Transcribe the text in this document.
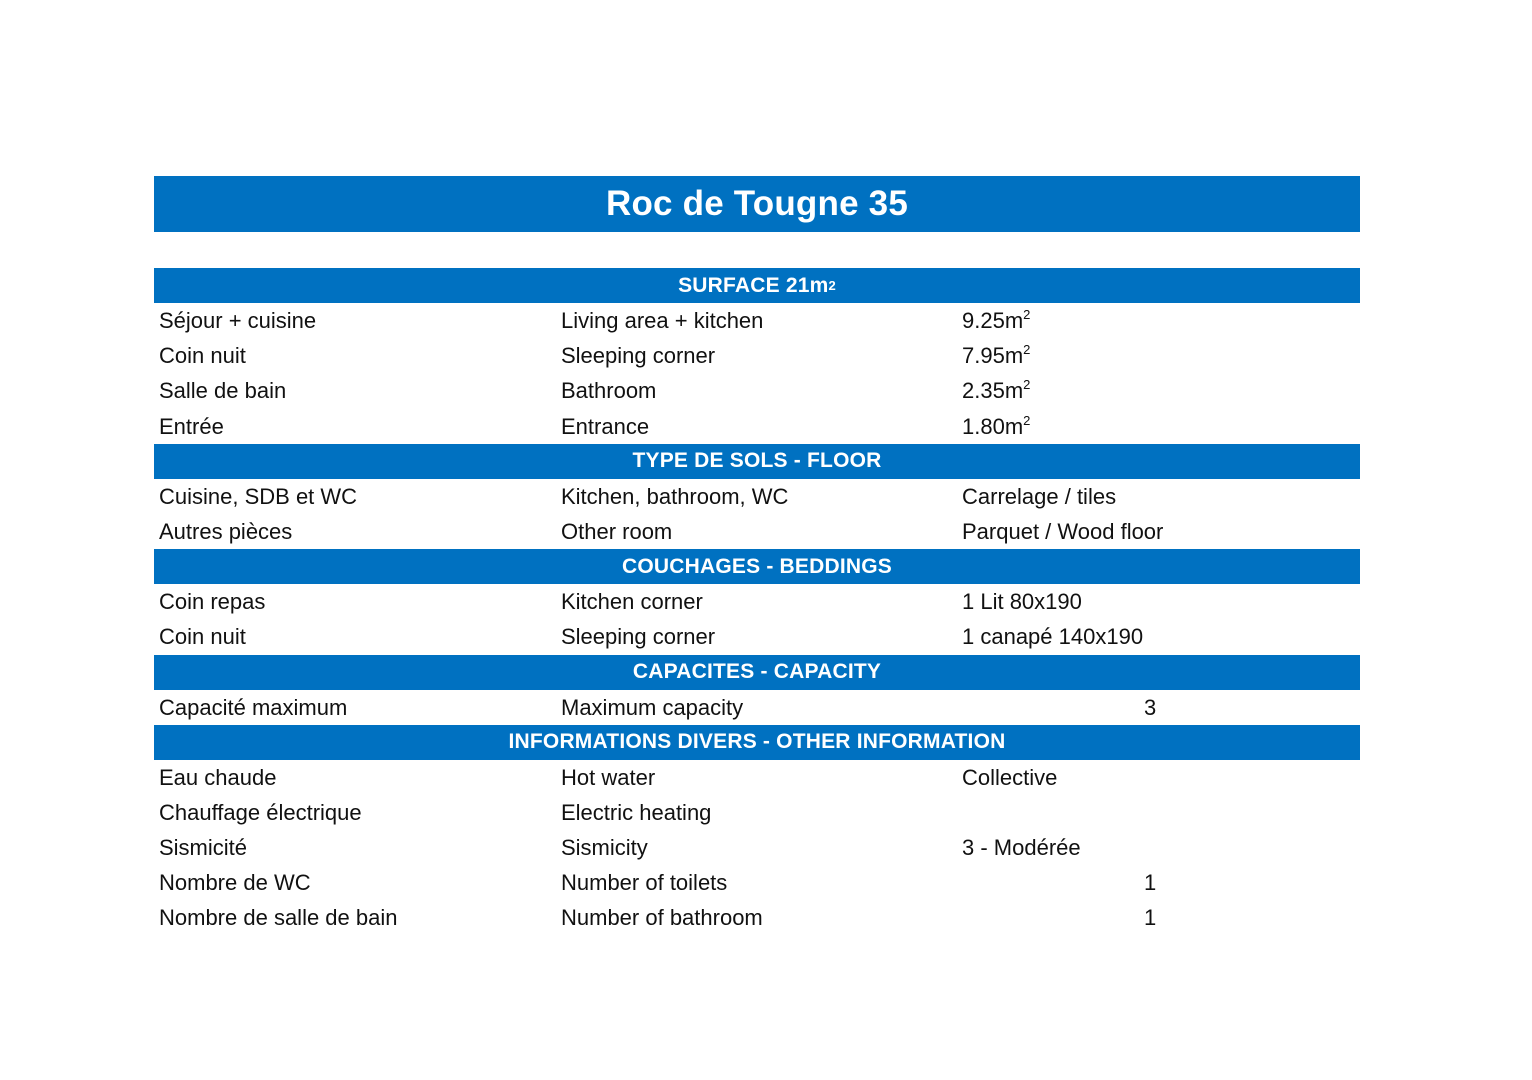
Roc de Tougne 35
SURFACE 21m 2
Séjour + cuisine	Living area + kitchen	$9.25m^2$
Coin nuit	Sleeping corner	$7.95m^2$
Salle de bain	Bathroom	$2.35m^2$
Entrée	Entrance	$1.80m^2$
TYPE DE SOLS - FLOOR
Cuisine, SDB et WC	Kitchen, bathroom, WC	Carrelage / tiles
Autres pièces	Other room	Parquet / Wood floor
COUCHAGES - BEDDINGS
Coin repas	Kitchen corner	1 Lit 80x190
Coin nuit	Sleeping corner	1 canapé 140x190
CAPACITES - CAPACITY
Capacité maximum	Maximum capacity	3
INFORMATIONS DIVERS - OTHER INFORMATION
Eau chaude	Hot water	Collective
Chauffage électrique	Electric heating
Sismicité	Sismicity	3 - Modérée
Nombre de WC	Number of toilets	1
Nombre de salle de bain	Number of bathroom	1
